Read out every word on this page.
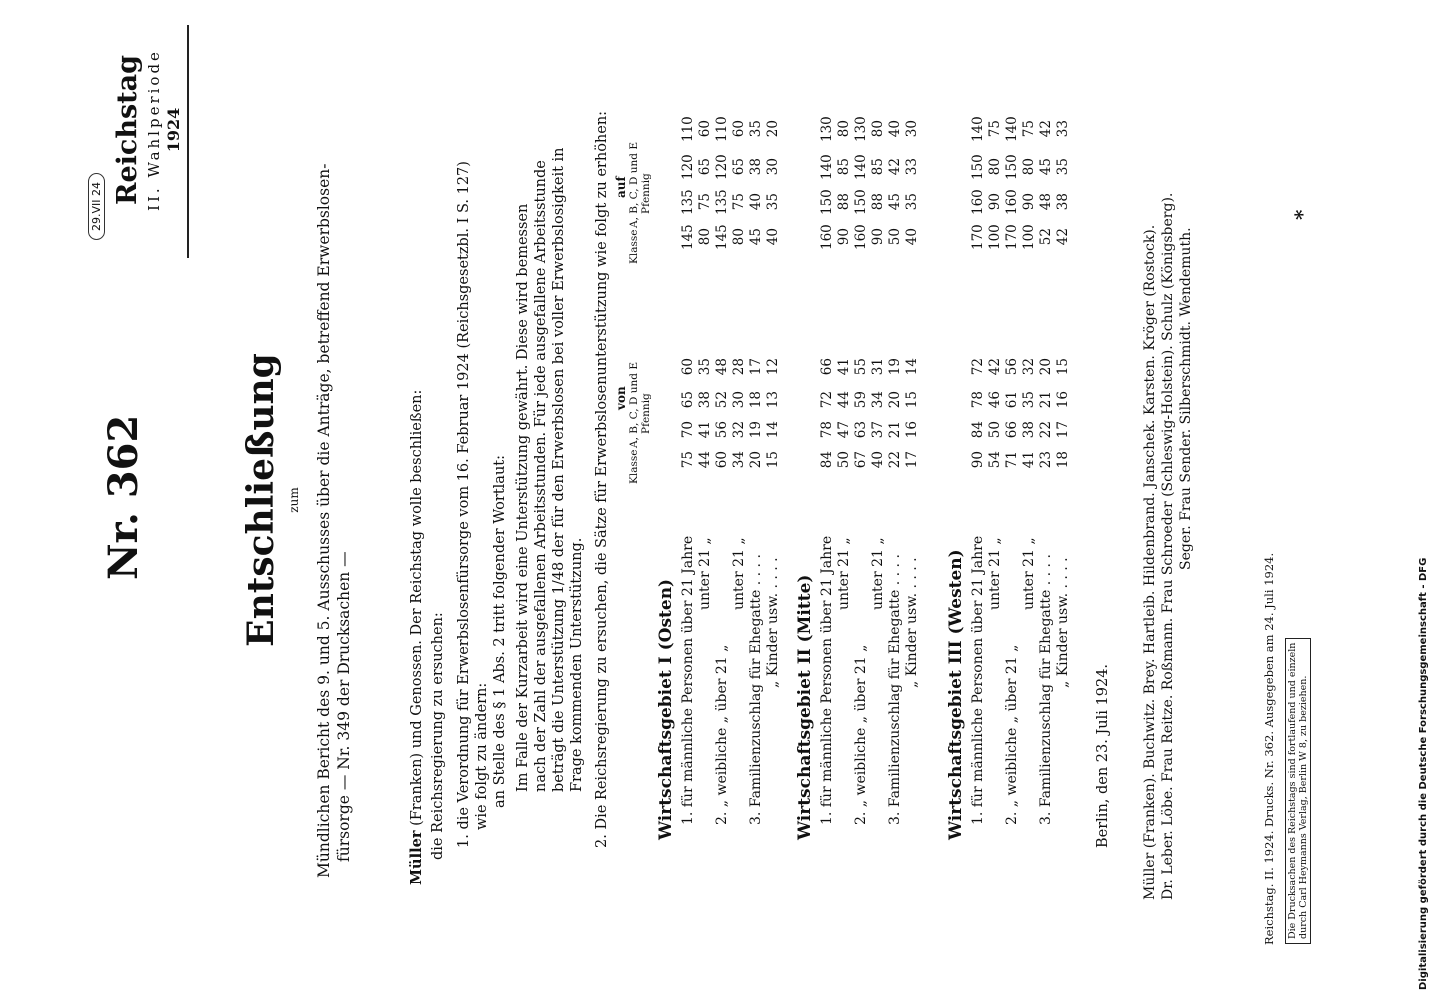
29.VII 24
Nr. 362
Reichstag II. Wahlperiode 1924
Entschließung zum Mündlichen Bericht des 9. und 5. Ausschusses über die Anträge, betreffend Erwerbslosen- fürsorge — Nr. 349 der Drucksachen —	Müller (Franken) und Genossen. Der Reichstag wolle beschließen: die Reichsregierung zu ersuchen: 1. die Verordnung für Erwerbslosenfürsorge vom 16. Februar 1924 (Reichsgesetzbl. I S. 127) wie folgt zu ändern: an Stelle des § 1 Abs. 2 tritt folgender Wortlaut: Im Falle der Kurzarbeit wird eine Unterstützung gewährt. Diese wird bemessen nach der Zahl der ausgefallenen Arbeitsstunden. Für jede ausgefallene Arbeitsstunde beträgt die Unterstützung 1/48 der für den Erwerbslosen bei voller Erwerbslosigkeit in Frage kommenden Unterstützung. 2. Die Reichsregierung zu ersuchen, die Sätze für Erwerbslosenunterstützung wie folgt zu erhöhen: von
auf
Klasse
A, B, C, D und E Pfennig
Klasse
A, B, C, D und E Pfennig
Wirtschaftsgebiet I (Osten) 1. für männliche Personen über 21 Jahre
75
70
65
60
145
135
120
110
unter 21 „
44
41
38
35
80
75
65
60
2. „ weibliche „ über 21 „
60
56
52
48
145
135
120
110
unter 21 „
34
32
30
28
80
75
65
60
3. Familienzuschlag für Ehegatte . . . .
20
19
18
17
45
40
38
35
„ Kinder usw. . . . .
15
14
13
12
40
35
30
20
Wirtschaftsgebiet II (Mitte) 1. für männliche Personen über 21 Jahre
84
78
72
66
160
150
140
130
unter 21 „
50
47
44
41
90
88
85
80
2. „ weibliche „ über 21 „
67
63
59
55
160
150
140
130
unter 21 „
40
37
34
31
90
88
85
80
3. Familienzuschlag für Ehegatte . . . .
22
21
20
19
50
45
42
40
„ Kinder usw. . . . .
17
16
15
14
40
35
33
30
Wirtschaftsgebiet III (Westen) 1. für männliche Personen über 21 Jahre
90
84
78
72
170
160
150
140
unter 21 „
54
50
46
42
100
90
80
75
2. „ weibliche „ über 21 „
71
66
61
56
170
160
150
140
unter 21 „
41
38
35
32
100
90
80
75
3. Familienzuschlag für Ehegatte . . . .
23
22
21
20
52
48
45
42
„ Kinder usw. . . . .
18
17
16
15
42
38
35
33
Berlin, den 23. Juli 1924. Müller (Franken). Buchwitz. Brey. Hartleib. Hildenbrand. Janschek. Karsten. Kröger (Rostock). Dr. Leber. Löbe. Frau Reitze. Roßmann. Frau Schroeder (Schleswig-Holstein). Schulz (Königsberg). Seger. Frau Sender. Silberschmidt. Wendemuth.
*
Reichstag. II. 1924. Drucks. Nr. 362. Ausgegeben am 24. Juli 1924. Die Drucksachen des Reichstags sind fortlaufend und einzeln durch Carl Heymanns Verlag, Berlin W 8, zu beziehen.	Digitalisierung gefördert durch die Deutsche Forschungsgemeinschaft - DFG
